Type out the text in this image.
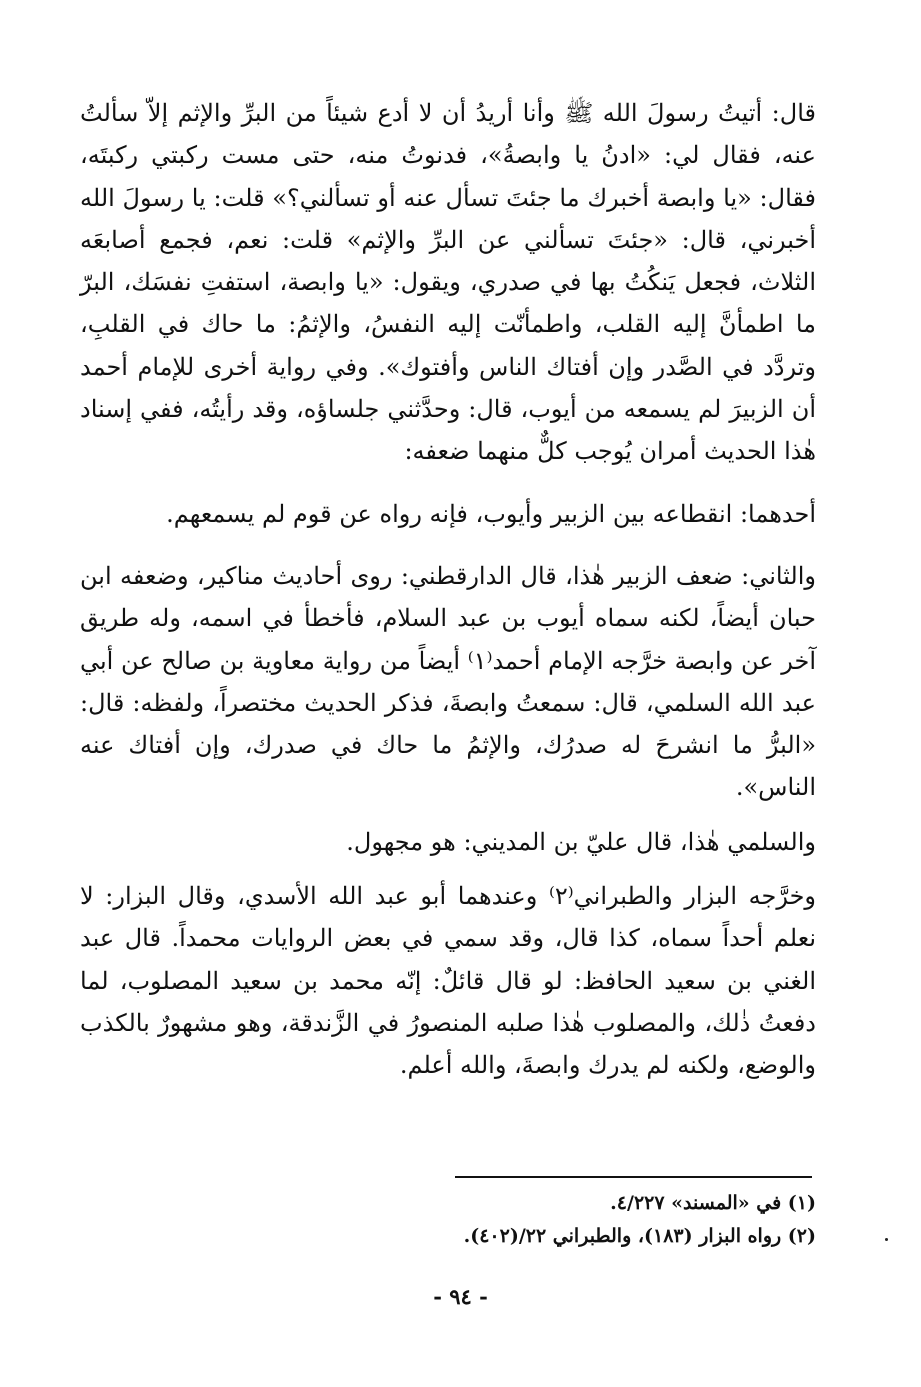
قال: أتيتُ رسولَ الله ﷺ وأنا أريدُ أن لا أدع شيئاً من البرِّ والإثم إلاّ سألتُ عنه، فقال لي: «ادنُ يا وابصةُ»، فدنوتُ منه، حتى مست ركبتي ركبتَه، فقال: «يا وابصة أخبرك ما جئتَ تسأل عنه أو تسألني؟» قلت: يا رسولَ الله أخبرني، قال: «جئتَ تسألني عن البرِّ والإثم» قلت: نعم، فجمع أصابعَه الثلاث، فجعل يَنكُتُ بها في صدري، ويقول: «يا وابصة، استفتِ نفسَك، البرّ ما اطمأنَّ إليه القلب، واطمأنّت إليه النفسُ، والإثمُ: ما حاك في القلبِ، وتردَّد في الصَّدر وإن أفتاك الناس وأفتوك». وفي رواية أخرى للإمام أحمد أن الزبيرَ لم يسمعه من أيوب، قال: وحدَّثني جلساؤه، وقد رأيتُه، ففي إسناد هٰذا الحديث أمران يُوجب كلٌّ منهما ضعفه:

أحدهما: انقطاعه بين الزبير وأيوب، فإنه رواه عن قوم لم يسمعهم.

والثاني: ضعف الزبير هٰذا، قال الدارقطني: روى أحاديث مناكير، وضعفه ابن حبان أيضاً، لكنه سماه أيوب بن عبد السلام، فأخطأ في اسمه، وله طريق آخر عن وابصة خرَّجه الإمام أحمد⁽١⁾ أيضاً من رواية معاوية بن صالح عن أبي عبد الله السلمي، قال: سمعتُ وابصةَ، فذكر الحديث مختصراً، ولفظه: قال: «البرُّ ما انشرحَ له صدرُك، والإثمُ ما حاك في صدرك، وإن أفتاك عنه الناس».

والسلمي هٰذا، قال عليّ بن المديني: هو مجهول.

وخرَّجه البزار والطبراني⁽٢⁾ وعندهما أبو عبد الله الأسدي، وقال البزار: لا نعلم أحداً سماه، كذا قال، وقد سمي في بعض الروايات محمداً. قال عبد الغني بن سعيد الحافظ: لو قال قائلٌ: إنّه محمد بن سعيد المصلوب، لما دفعتُ ذٰلك، والمصلوب هٰذا صلبه المنصورُ في الزَّندقة، وهو مشهورٌ بالكذب والوضع، ولكنه لم يدرك وابصةَ، والله أعلم.

(١) في «المسند» ٤/٢٢٧.

(٢) رواه البزار (١٨٣)، والطبراني ٢٢/(٤٠٢).

- ٩٤ -
